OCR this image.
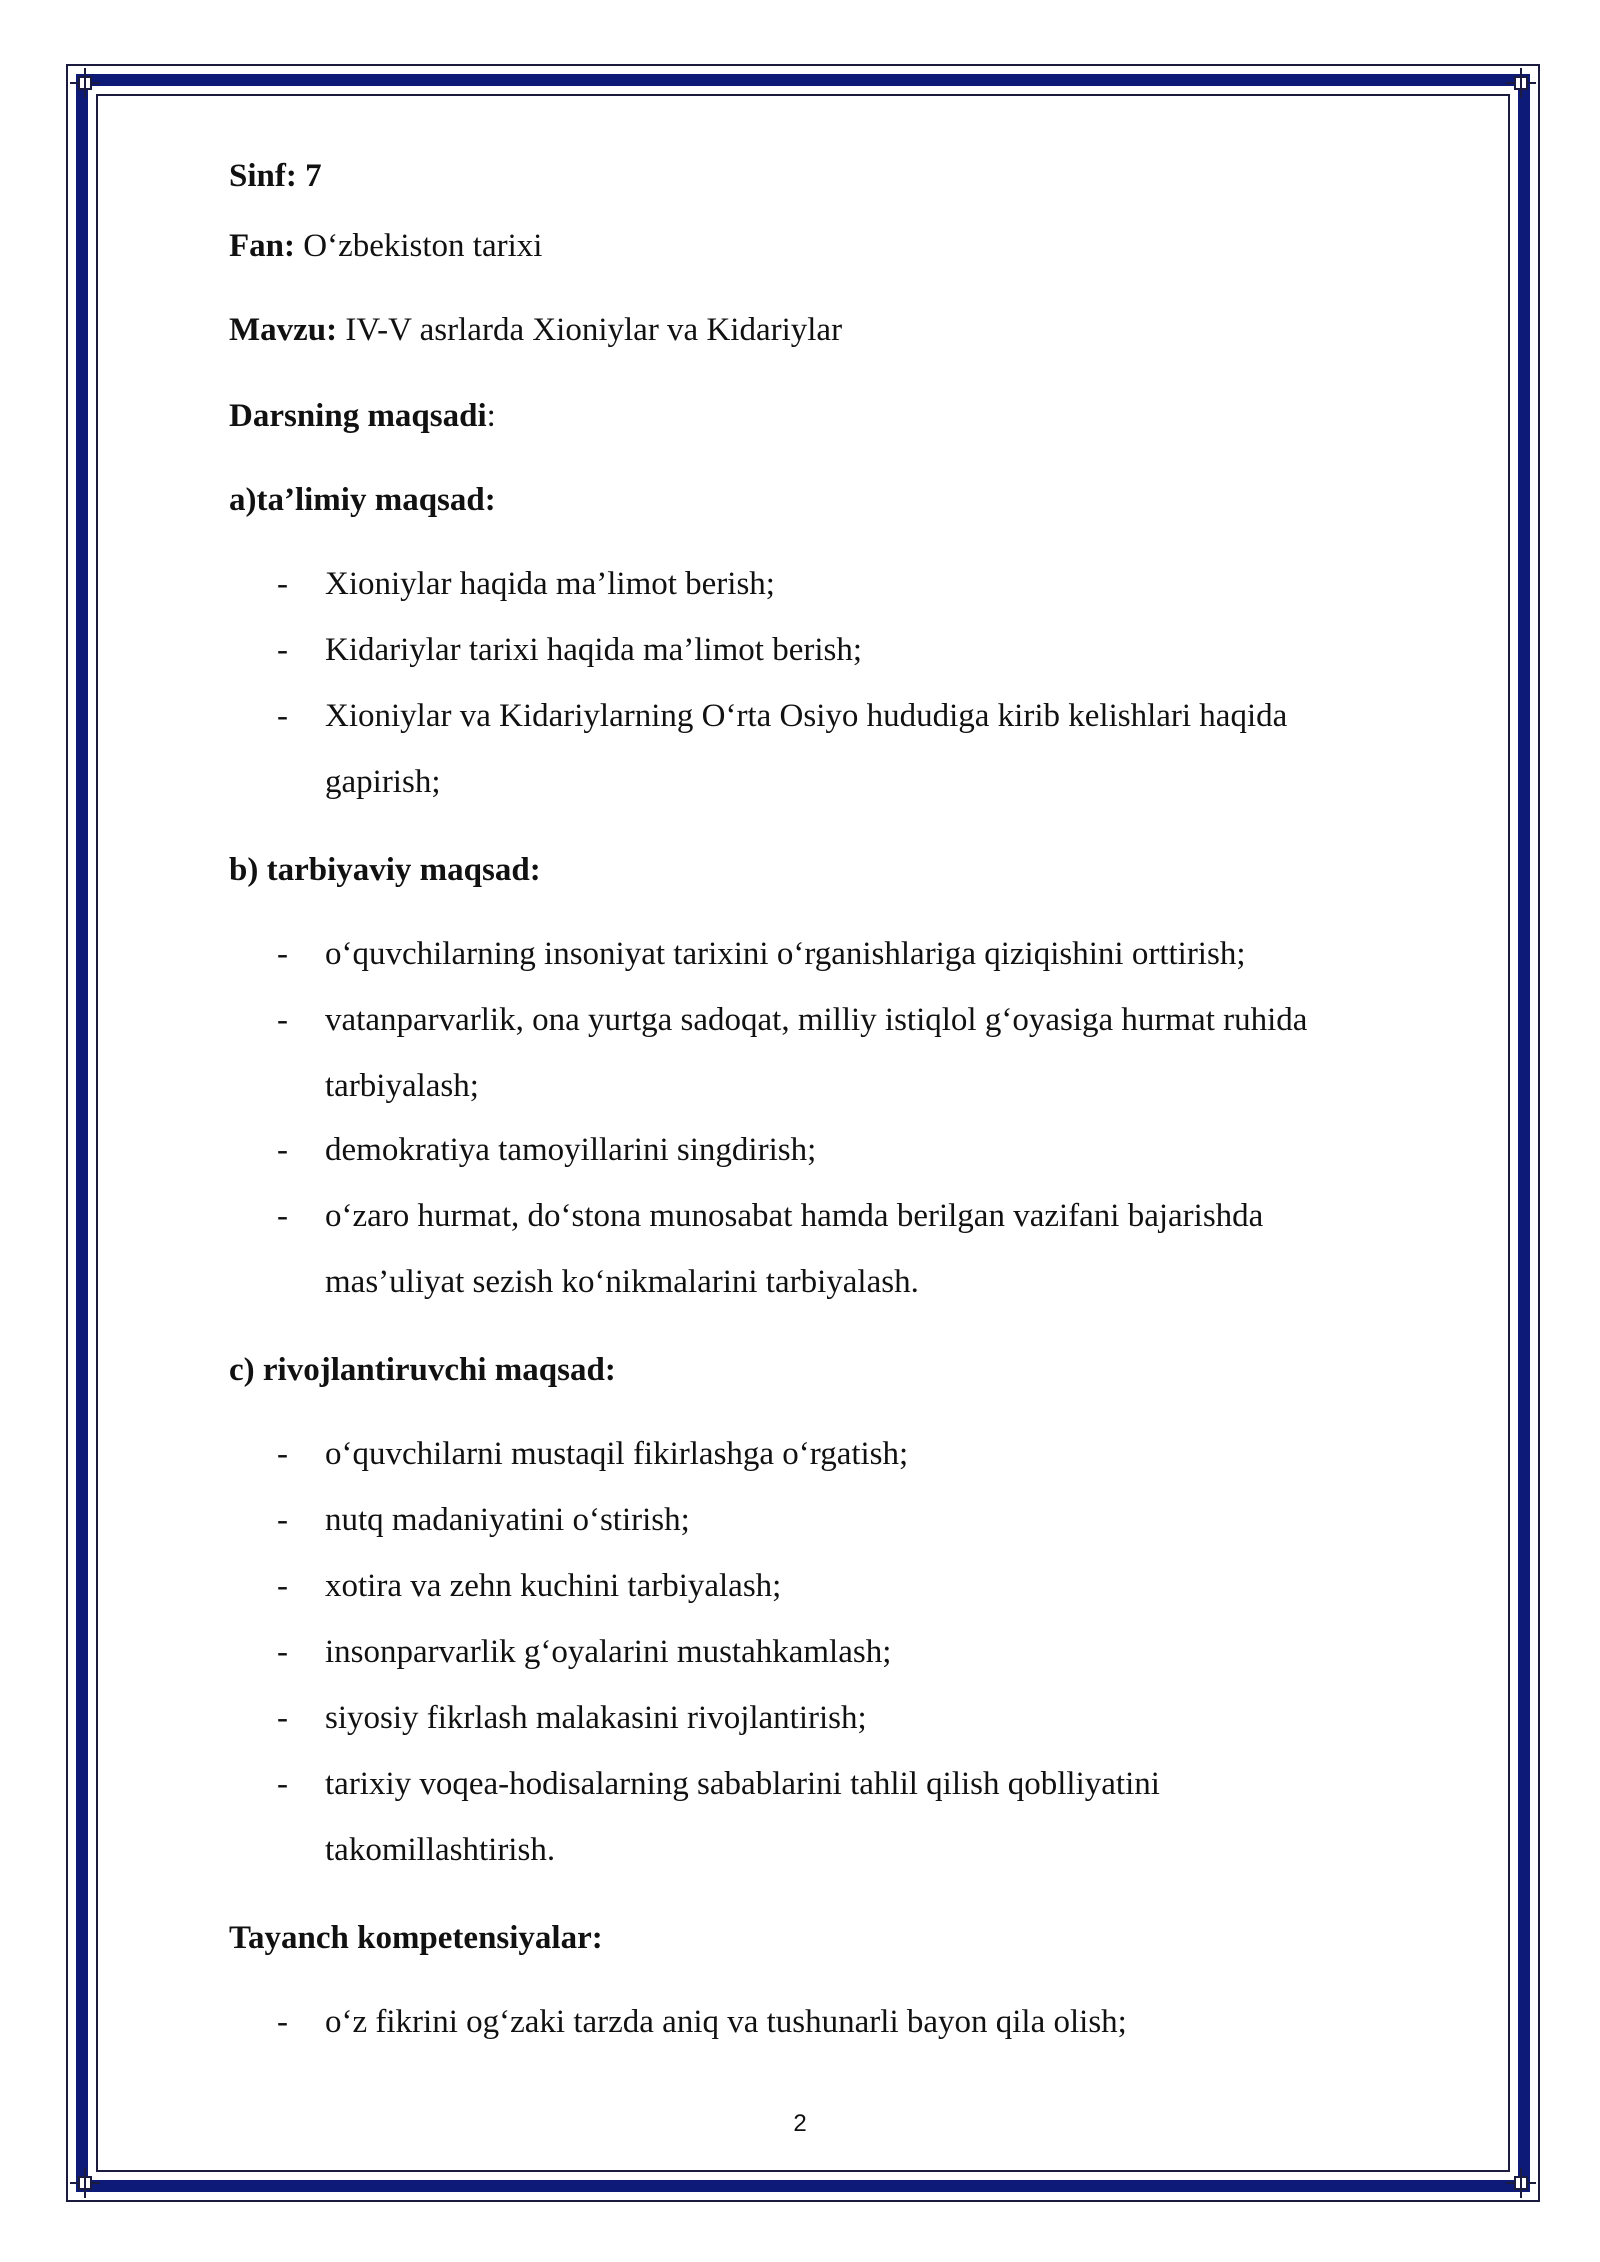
Sinf: 7
Fan: O‘zbekiston tarixi
Mavzu: IV-V asrlarda Xioniylar va Kidariylar
Darsning maqsadi:
a)ta’limiy maqsad:
- Xioniylar haqida ma’limot berish;
- Kidariylar tarixi haqida ma’limot berish;
- Xioniylar va Kidariylarning O‘rta Osiyo hududiga kirib kelishlari haqida
gapirish;
b) tarbiyaviy maqsad:
- o‘quvchilarning insoniyat tarixini o‘rganishlariga qiziqishini orttirish;
- vatanparvarlik, ona yurtga sadoqat, milliy istiqlol g‘oyasiga hurmat ruhida
tarbiyalash;
- demokratiya tamoyillarini singdirish;
- o‘zaro hurmat, do‘stona munosabat hamda berilgan vazifani bajarishda
mas’uliyat sezish ko‘nikmalarini tarbiyalash.
c) rivojlantiruvchi maqsad:
- o‘quvchilarni mustaqil fikirlashga o‘rgatish;
- nutq madaniyatini o‘stirish;
- xotira va zehn kuchini tarbiyalash;
- insonparvarlik g‘oyalarini mustahkamlash;
- siyosiy fikrlash malakasini rivojlantirish;
- tarixiy voqea-hodisalarning sabablarini tahlil qilish qoblliyatini
takomillashtirish.
Tayanch kompetensiyalar:
- o‘z fikrini og‘zaki tarzda aniq va tushunarli bayon qila olish;
2
